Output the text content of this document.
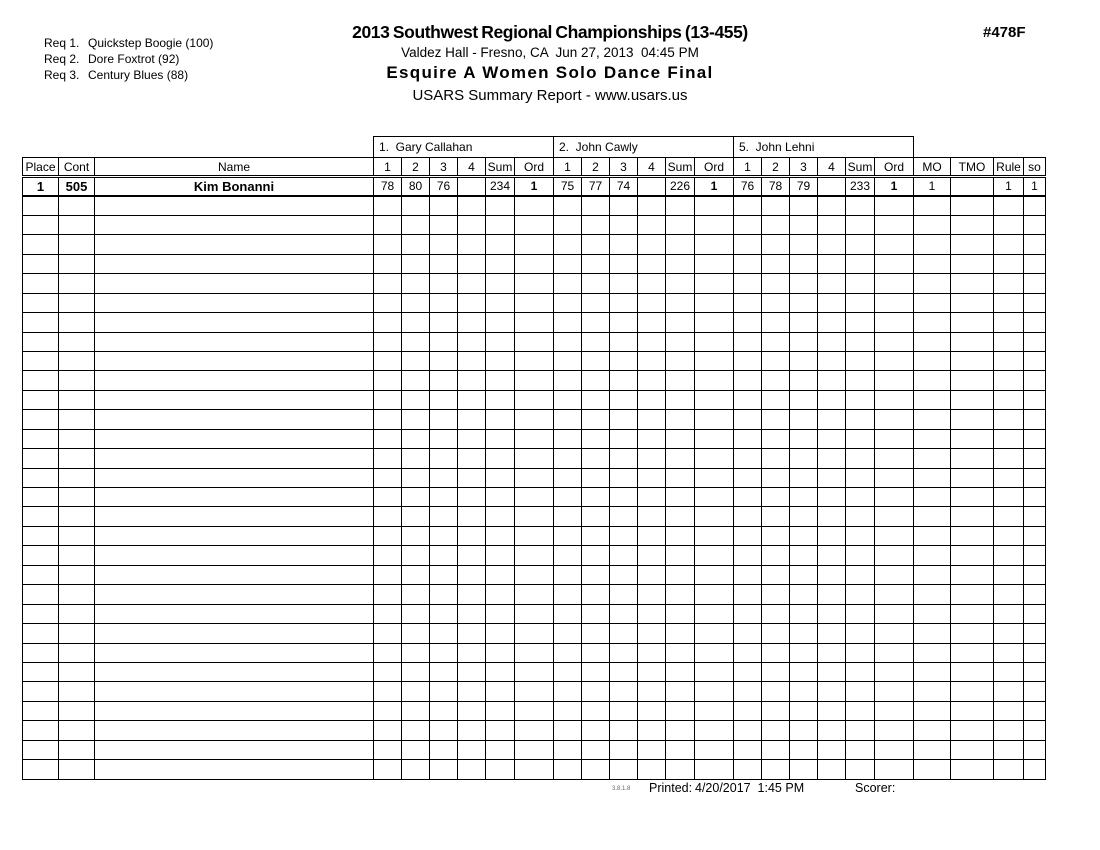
Req 1. Quickstep Boogie (100)

Req 2. Dore Foxtrot (92)

Req 3. Century Blues (88)

2013 Southwest Regional Championships (13-455)
Valdez Hall - Fresno, CA  Jun 27, 2013  04:45 PM
Esquire A Women Solo Dance Final
USARS Summary Report - www.usars.us
#478F
			1.  Gary Callahan						2.  John Cawly						5.  John Lehni									
Place	Cont	Name	1	2	3	4	Sum	Ord	1	2	3	4	Sum	Ord	1	2	3	4	Sum	Ord	MO	TMO	Rule	so
1	505	Kim Bonanni	78	80	76		234	1	75	77	74		226	1	76	78	79		233	1	1		1	1

3.8.1.8 Printed: 4/20/2017  1:45 PM	Scorer:
